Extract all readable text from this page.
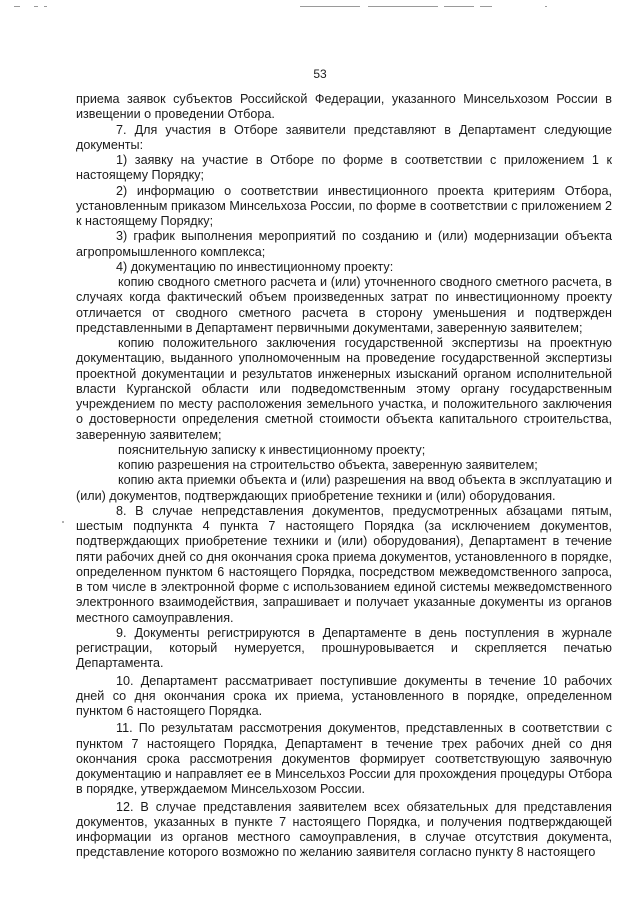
53

приема заявок субъектов Российской Федерации, указанного Минсельхозом России в извещении о проведении Отбора.

7. Для участия в Отборе заявители представляют в Департамент следующие документы:

1) заявку на участие в Отборе по форме в соответствии с приложением 1 к настоящему Порядку;

2) информацию о соответствии инвестиционного проекта критериям Отбора, установленным приказом Минсельхоза России, по форме в соответствии с приложением 2 к настоящему Порядку;

3) график выполнения мероприятий по созданию и (или) модернизации объекта агропромышленного комплекса;

4) документацию по инвестиционному проекту:

копию сводного сметного расчета и (или) уточненного сводного сметного расчета, в случаях когда фактический объем произведенных затрат по инвестиционному проекту отличается от сводного сметного расчета в сторону уменьшения и подтвержден представленными в Департамент первичными документами, заверенную заявителем;

копию положительного заключения государственной экспертизы на проектную документацию, выданного уполномоченным на проведение государственной экспертизы проектной документации и результатов инженерных изысканий органом исполнительной власти Курганской области или подведомственным этому органу государственным учреждением по месту расположения земельного участка, и положительного заключения о достоверности определения сметной стоимости объекта капитального строительства, заверенную заявителем;

пояснительную записку к инвестиционному проекту;

копию разрешения на строительство объекта, заверенную заявителем;

копию акта приемки объекта и (или) разрешения на ввод объекта в эксплуатацию и (или) документов, подтверждающих приобретение техники и (или) оборудования.

8. В случае непредставления документов, предусмотренных абзацами пятым, шестым подпункта 4 пункта 7 настоящего Порядка (за исключением документов, подтверждающих приобретение техники и (или) оборудования), Департамент в течение пяти рабочих дней со дня окончания срока приема документов, установленного в порядке, определенном пунктом 6 настоящего Порядка, посредством межведомственного запроса, в том числе в электронной форме с использованием единой системы межведомственного электронного взаимодействия, запрашивает и получает указанные документы из органов местного самоуправления.

9. Документы регистрируются в Департаменте в день поступления в журнале регистрации, который нумеруется, прошнуровывается и скрепляется печатью Департамента.

10. Департамент рассматривает поступившие документы в течение 10 рабочих дней со дня окончания срока их приема, установленного в порядке, определенном пунктом 6 настоящего Порядка.

11. По результатам рассмотрения документов, представленных в соответствии с пунктом 7 настоящего Порядка, Департамент в течение трех рабочих дней со дня окончания срока рассмотрения документов формирует соответствующую заявочную документацию и направляет ее в Минсельхоз России для прохождения процедуры Отбора в порядке, утверждаемом Минсельхозом России.

12. В случае представления заявителем всех обязательных для представления документов, указанных в пункте 7 настоящего Порядка, и получения подтверждающей информации из органов местного самоуправления, в случае отсутствия документа, представление которого возможно по желанию заявителя согласно пункту 8 настоящего
